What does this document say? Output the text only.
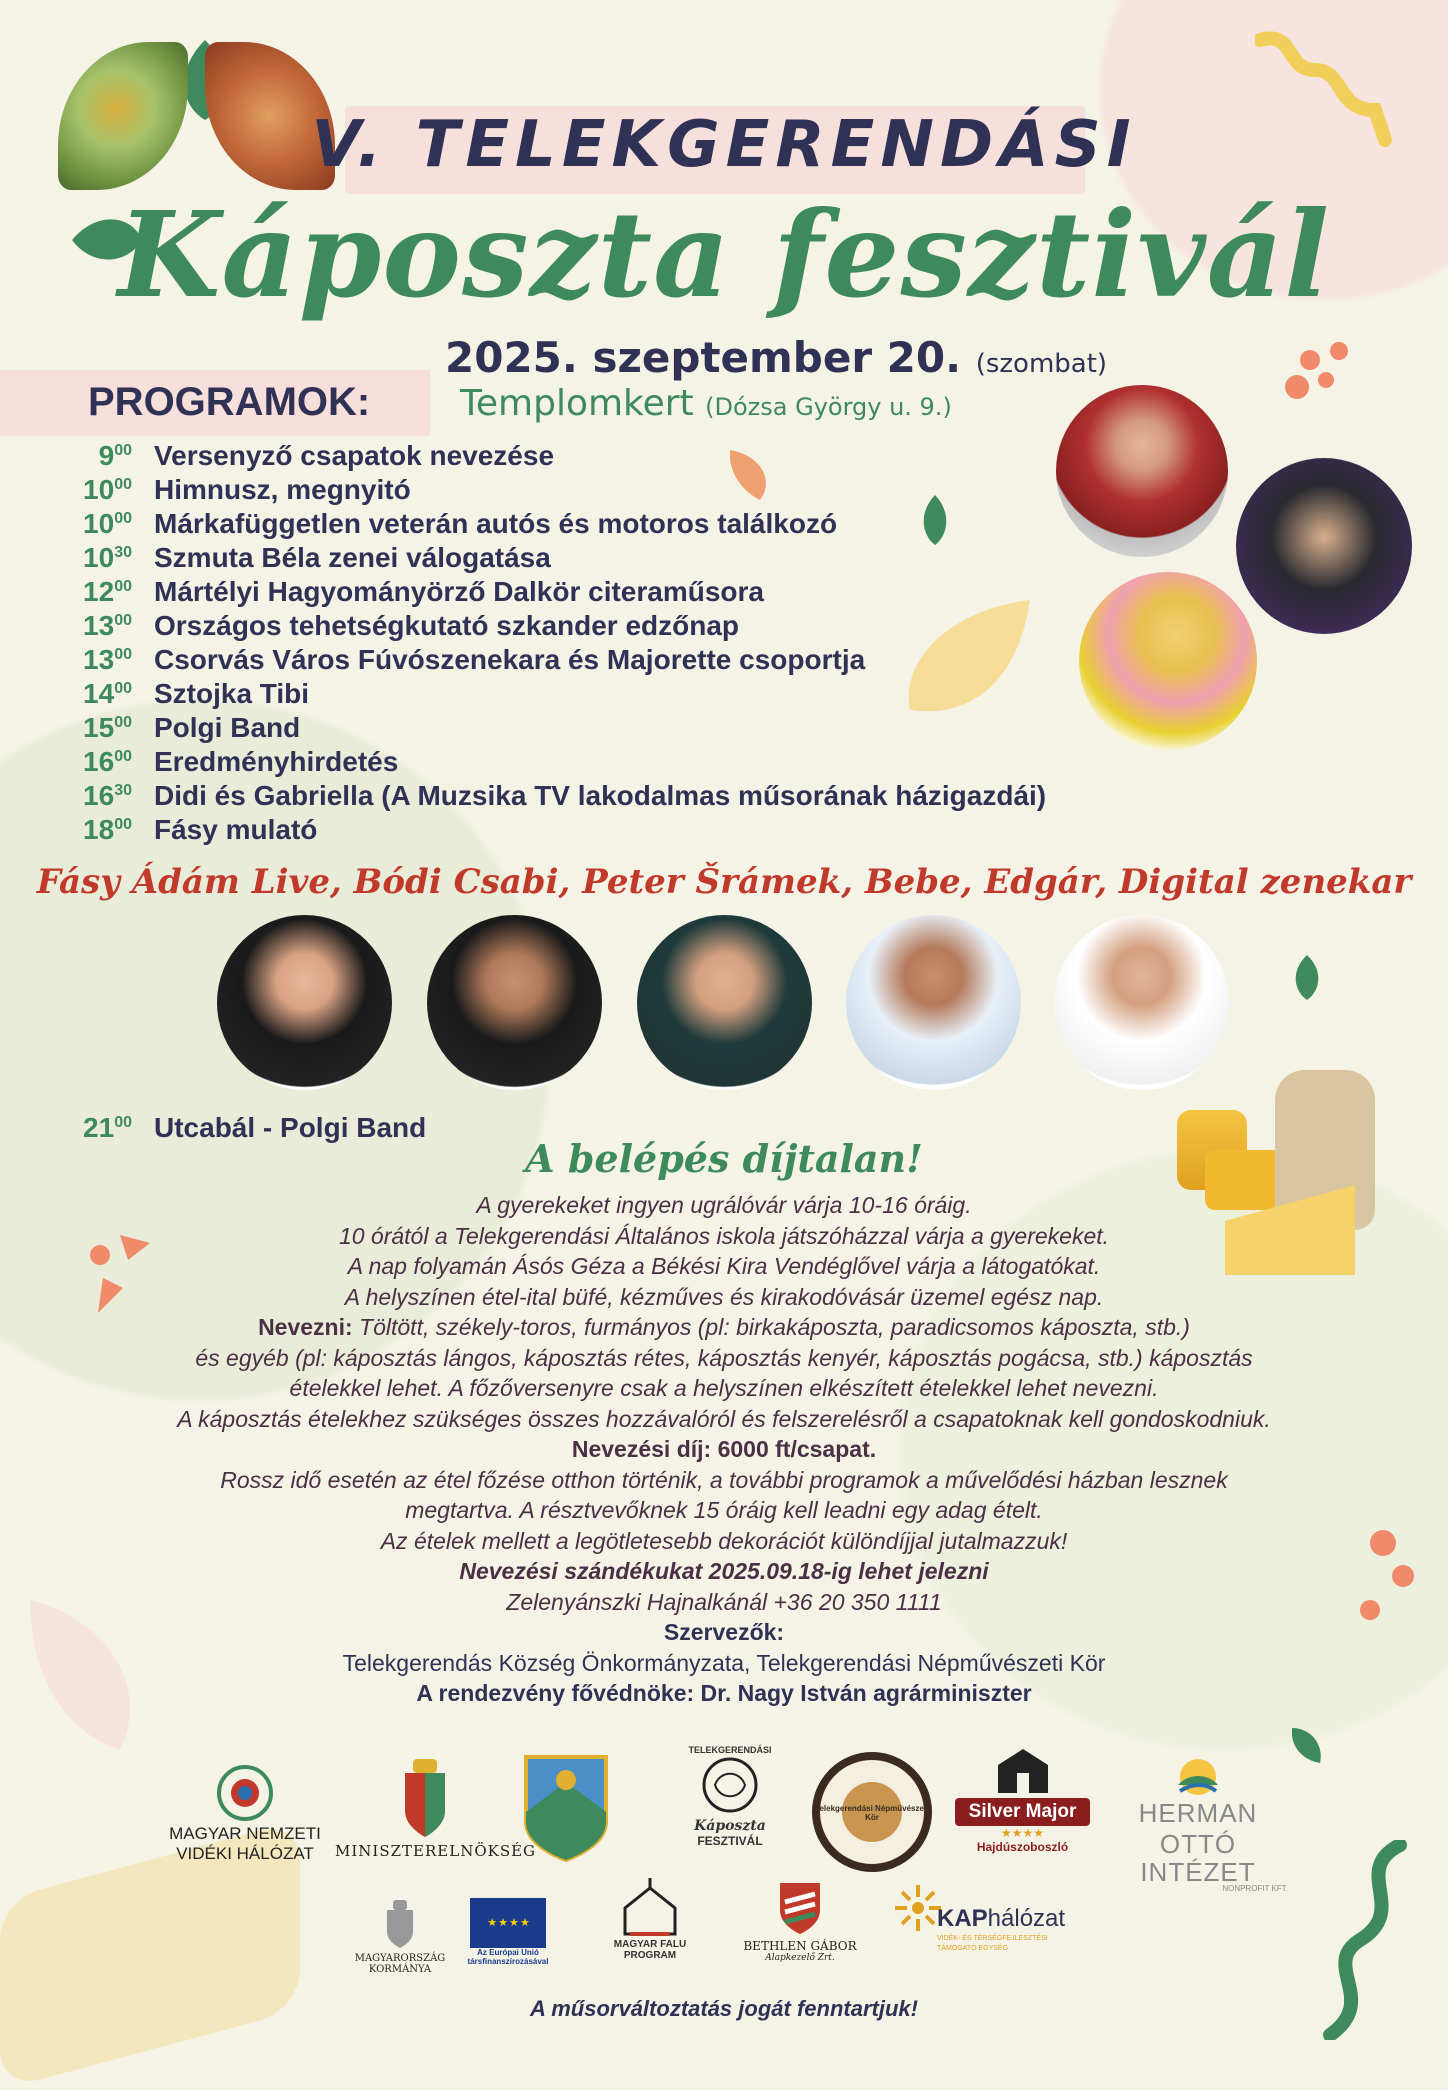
V. TELEKGERENDÁSI
Káposzta fesztivál
2025. szeptember 20. (szombat)
Templomkert (Dózsa György u. 9.)
PROGRAMOK:
$9^{00}$ Versenyző csapatok nevezése
$10^{00}$ Himnusz, megnyitó
$10^{00}$ Márkafüggetlen veterán autós és motoros találkozó
$10^{30}$ Szmuta Béla zenei válogatása
$12^{00}$ Mártélyi Hagyományörző Dalkör citeraműsora
$13^{00}$ Országos tehetségkutató szkander edzőnap
$13^{00}$ Csorvás Város Fúvószenekara és Majorette csoportja
$14^{00}$ Sztojka Tibi
$15^{00}$ Polgi Band
$16^{00}$ Eredményhirdetés
$16^{30}$ Didi és Gabriella (A Muzsika TV lakodalmas műsorának házigazdái)
$18^{00}$ Fásy mulató
Fásy Ádám Live, Bódi Csabi, Peter Šrámek, Bebe, Edgár, Digital zenekar
$21^{00}$ Utcabál - Polgi Band
A belépés díjtalan!
A gyerekeket ingyen ugrálóvár várja 10-16 óráig.
10 órától a Telekgerendási Általános iskola játszóházzal várja a gyerekeket.
A nap folyamán Ásós Géza a Békési Kira Vendéglővel várja a látogatókat.
A helyszínen étel-ital büfé, kézműves és kirakodóvásár üzemel egész nap.
Nevezni: Töltött, székely-toros, furmányos (pl: birkakáposzta, paradicsomos káposzta, stb.)
és egyéb (pl: káposztás lángos, káposztás rétes, káposztás kenyér, káposztás pogácsa, stb.) káposztás
ételekkel lehet. A főzőversenyre csak a helyszínen elkészített ételekkel lehet nevezni.
A káposztás ételekhez szükséges összes hozzávalóról és felszerelésről a csapatoknak kell gondoskodniuk.
Nevezési díj: 6000 ft/csapat.
Rossz idő esetén az étel főzése otthon történik, a további programok a művelődési házban lesznek
megtartva. A résztvevőknek 15 óráig kell leadni egy adag ételt.
Az ételek mellett a legötletesebb dekorációt különdíjjal jutalmazzuk!
Nevezési szándékukat 2025.09.18-ig lehet jelezni
Zelenyánszki Hajnalkánál +36 20 350 1111
Szervezők:
Telekgerendás Község Önkormányzata, Telekgerendási Népművészeti Kör
A rendezvény fővédnöke: Dr. Nagy István agrárminiszter
MAGYAR NEMZETI
VIDÉKI HÁLÓZAT	MINISZTERELNÖKSÉG
TELEKGERENDÁSI
Káposzta
FESZTIVÁL
Telekgerendási Népművészeti Kör	Silver Major
★★★★
Hajdúszoboszló
HERMAN OTTÓ
INTÉZET
NONPROFIT KFT.
MAGYARORSZÁG
KORMÁNYA
★ ★ ★ ★
Az Európai Unió
társfinanszírozásával
MAGYAR FALU
PROGRAM
BETHLEN GÁBOR
Alapkezelő Zrt.
KAPhálózat
VIDÉK- ÉS TÉRSÉGFEJLESZTÉSI
TÁMOGATÓ EGYSÉG
A műsorváltoztatás jogát fenntartjuk!
